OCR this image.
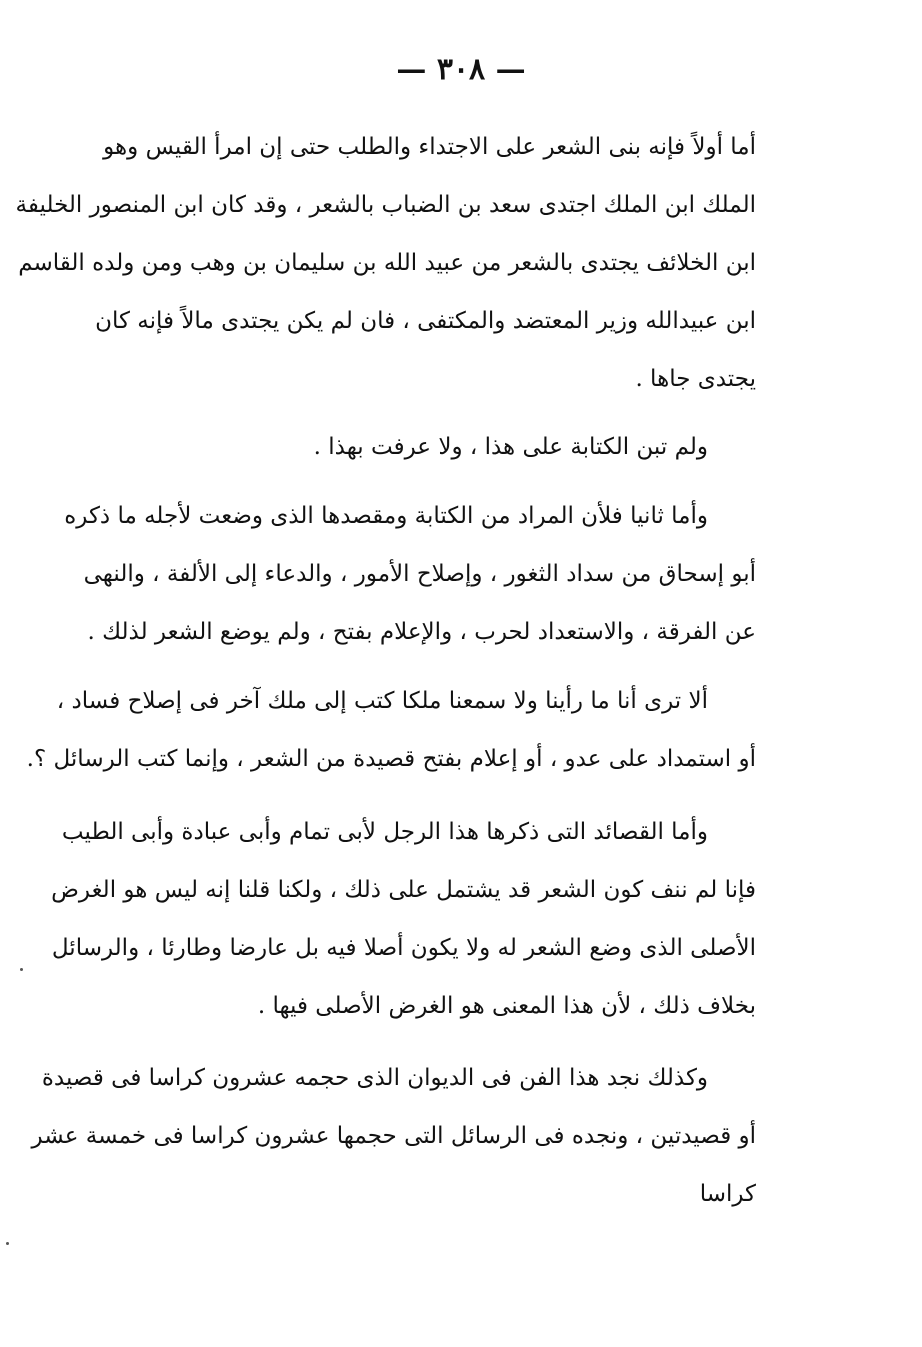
— ٣٠٨ —
أما أولاً فإنه بنى الشعر على الاجتداء والطلب حتى إن امرأ القيس وهو
الملك ابن الملك اجتدى سعد بن الضباب بالشعر ، وقد كان ابن المنصور الخليفة
ابن الخلائف يجتدى بالشعر من عبيد الله بن سليمان بن وهب ومن ولده القاسم
ابن عبيدالله وزير المعتضد والمكتفى ، فان لم يكن يجتدى مالاً فإنه كان
يجتدى جاها .
ولم تبن الكتابة على هذا ، ولا عرفت بهذا .
وأما ثانيا فلأن المراد من الكتابة ومقصدها الذى وضعت لأجله ما ذكره
أبو إسحاق من سداد الثغور ، وإصلاح الأمور ، والدعاء إلى الألفة ، والنهى
عن الفرقة ، والاستعداد لحرب ، والإعلام بفتح ، ولم يوضع الشعر لذلك .
ألا ترى أنا ما رأينا ولا سمعنا ملكا كتب إلى ملك آخر فى إصلاح فساد ،
أو استمداد على عدو ، أو إعلام بفتح قصيدة من الشعر ، وإنما كتب الرسائل ؟.
وأما القصائد التى ذكرها هذا الرجل لأبى تمام وأبى عبادة وأبى الطيب
فإنا لم ننف كون الشعر قد يشتمل على ذلك ، ولكنا قلنا إنه ليس هو الغرض
الأصلى الذى وضع الشعر له ولا يكون أصلا فيه بل عارضا وطارئا ، والرسائل
بخلاف ذلك ، لأن هذا المعنى هو الغرض الأصلى فيها .
وكذلك نجد هذا الفن فى الديوان الذى حجمه عشرون كراسا فى قصيدة
أو قصيدتين ، ونجده فى الرسائل التى حجمها عشرون كراسا فى خمسة عشر
كراسا
